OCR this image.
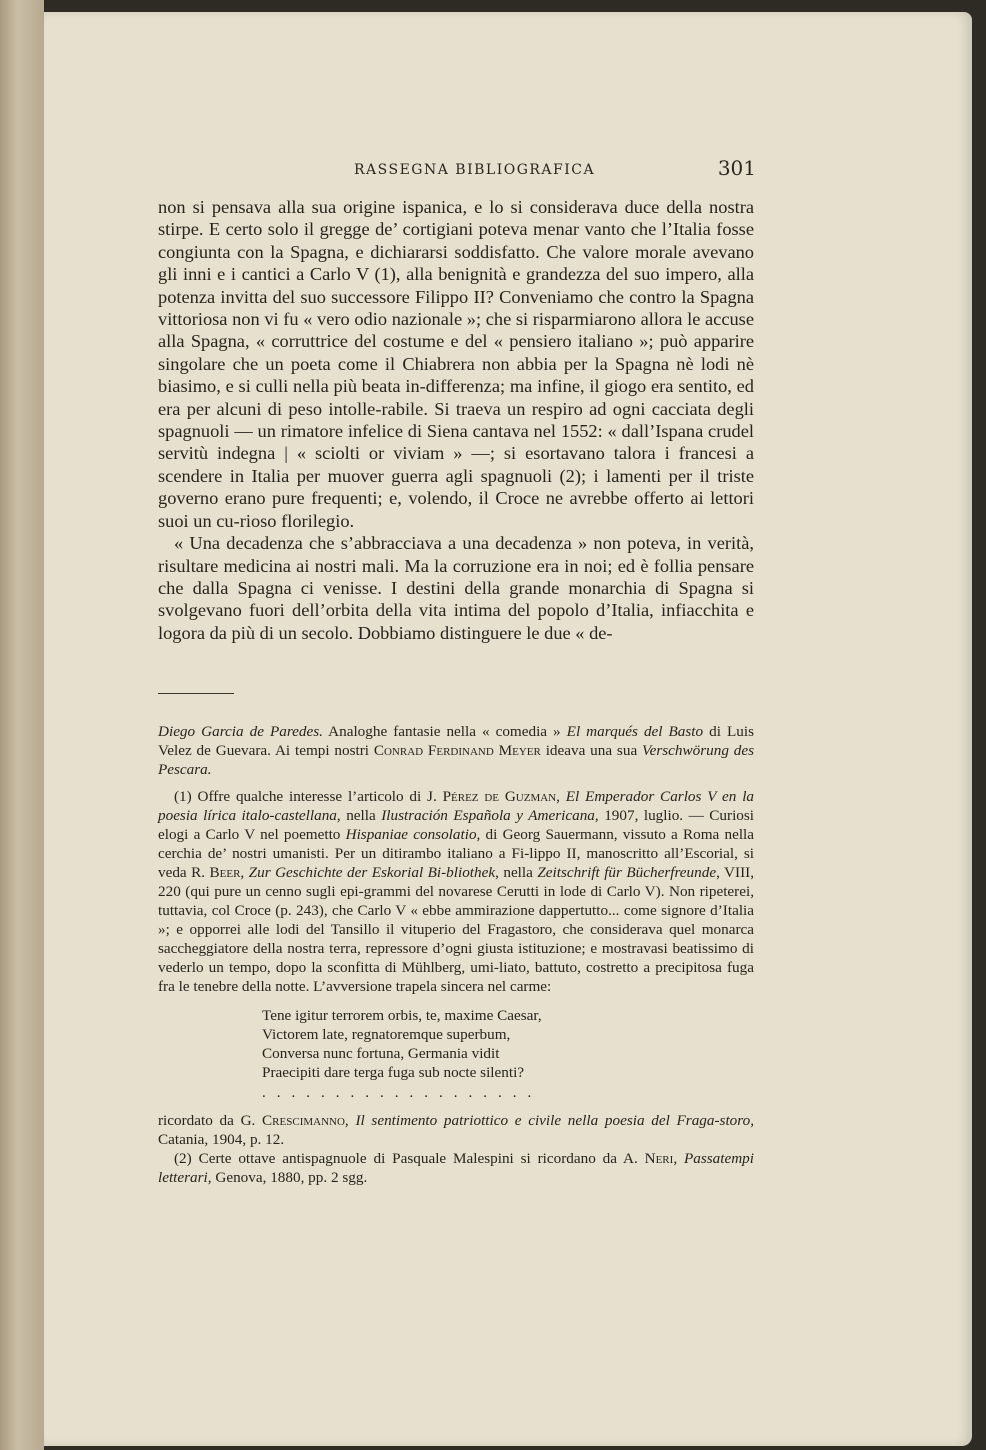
RASSEGNA BIBLIOGRAFICA	301

non si pensava alla sua origine ispanica, e lo si considerava duce della nostra stirpe. E certo solo il gregge de’ cortigiani poteva menar vanto che l’Italia fosse congiunta con la Spagna, e dichiararsi soddisfatto. Che valore morale avevano gli inni e i cantici a Carlo V (1), alla benignità e grandezza del suo impero, alla potenza invitta del suo successore Filippo II? Conveniamo che contro la Spagna vittoriosa non vi fu « vero odio nazionale »; che si risparmiarono allora le accuse alla Spagna, « corruttrice del costume e del « pensiero italiano »; può apparire singolare che un poeta come il Chiabrera non abbia per la Spagna nè lodi nè biasimo, e si culli nella più beata in-differenza; ma infine, il giogo era sentito, ed era per alcuni di peso intolle-rabile. Si traeva un respiro ad ogni cacciata degli spagnuoli — un rimatore infelice di Siena cantava nel 1552: « dall’Ispana crudel servitù indegna | « sciolti or viviam » —; si esortavano talora i francesi a scendere in Italia per muover guerra agli spagnuoli (2); i lamenti per il triste governo erano pure frequenti; e, volendo, il Croce ne avrebbe offerto ai lettori suoi un cu-rioso florilegio.

« Una decadenza che s’abbracciava a una decadenza » non poteva, in verità, risultare medicina ai nostri mali. Ma la corruzione era in noi; ed è follia pensare che dalla Spagna ci venisse. I destini della grande monarchia di Spagna si svolgevano fuori dell’orbita della vita intima del popolo d’Italia, infiacchita e logora da più di un secolo. Dobbiamo distinguere le due « de-

Diego Garcia de Paredes. Analoghe fantasie nella « comedia » El marqués del Basto di Luis Velez de Guevara. Ai tempi nostri Conrad Ferdinand Meyer ideava una sua Verschwörung des Pescara.

(1) Offre qualche interesse l’articolo di J. Pérez de Guzman, El Emperador Carlos V en la poesia lírica italo-castellana, nella Ilustración Española y Americana, 1907, luglio. — Curiosi elogi a Carlo V nel poemetto Hispaniae consolatio, di Georg Sauermann, vissuto a Roma nella cerchia de’ nostri umanisti. Per un ditirambo italiano a Fi-lippo II, manoscritto all’Escorial, si veda R. Beer, Zur Geschichte der Eskorial Bi-bliothek, nella Zeitschrift für Bücherfreunde, VIII, 220 (qui pure un cenno sugli epi-grammi del novarese Cerutti in lode di Carlo V). Non ripeterei, tuttavia, col Croce (p. 243), che Carlo V « ebbe ammirazione dappertutto... come signore d’Italia »; e opporrei alle lodi del Tansillo il vituperio del Fragastoro, che considerava quel monarca saccheggiatore della nostra terra, repressore d’ogni giusta istituzione; e mostravasi beatissimo di vederlo un tempo, dopo la sconfitta di Mühlberg, umi-liato, battuto, costretto a precipitosa fuga fra le tenebre della notte. L’avversione trapela sincera nel carme:

Tene igitur terrorem orbis, te, maxime Caesar,
Victorem late, regnatoremque superbum,
Conversa nunc fortuna, Germania vidit
Praecipiti dare terga fuga sub nocte silenti?
...................

ricordato da G. Crescimanno, Il sentimento patriottico e civile nella poesia del Fraga-storo, Catania, 1904, p. 12.

(2) Certe ottave antispagnuole di Pasquale Malespini si ricordano da A. Neri, Passatempi letterari, Genova, 1880, pp. 2 sgg.
